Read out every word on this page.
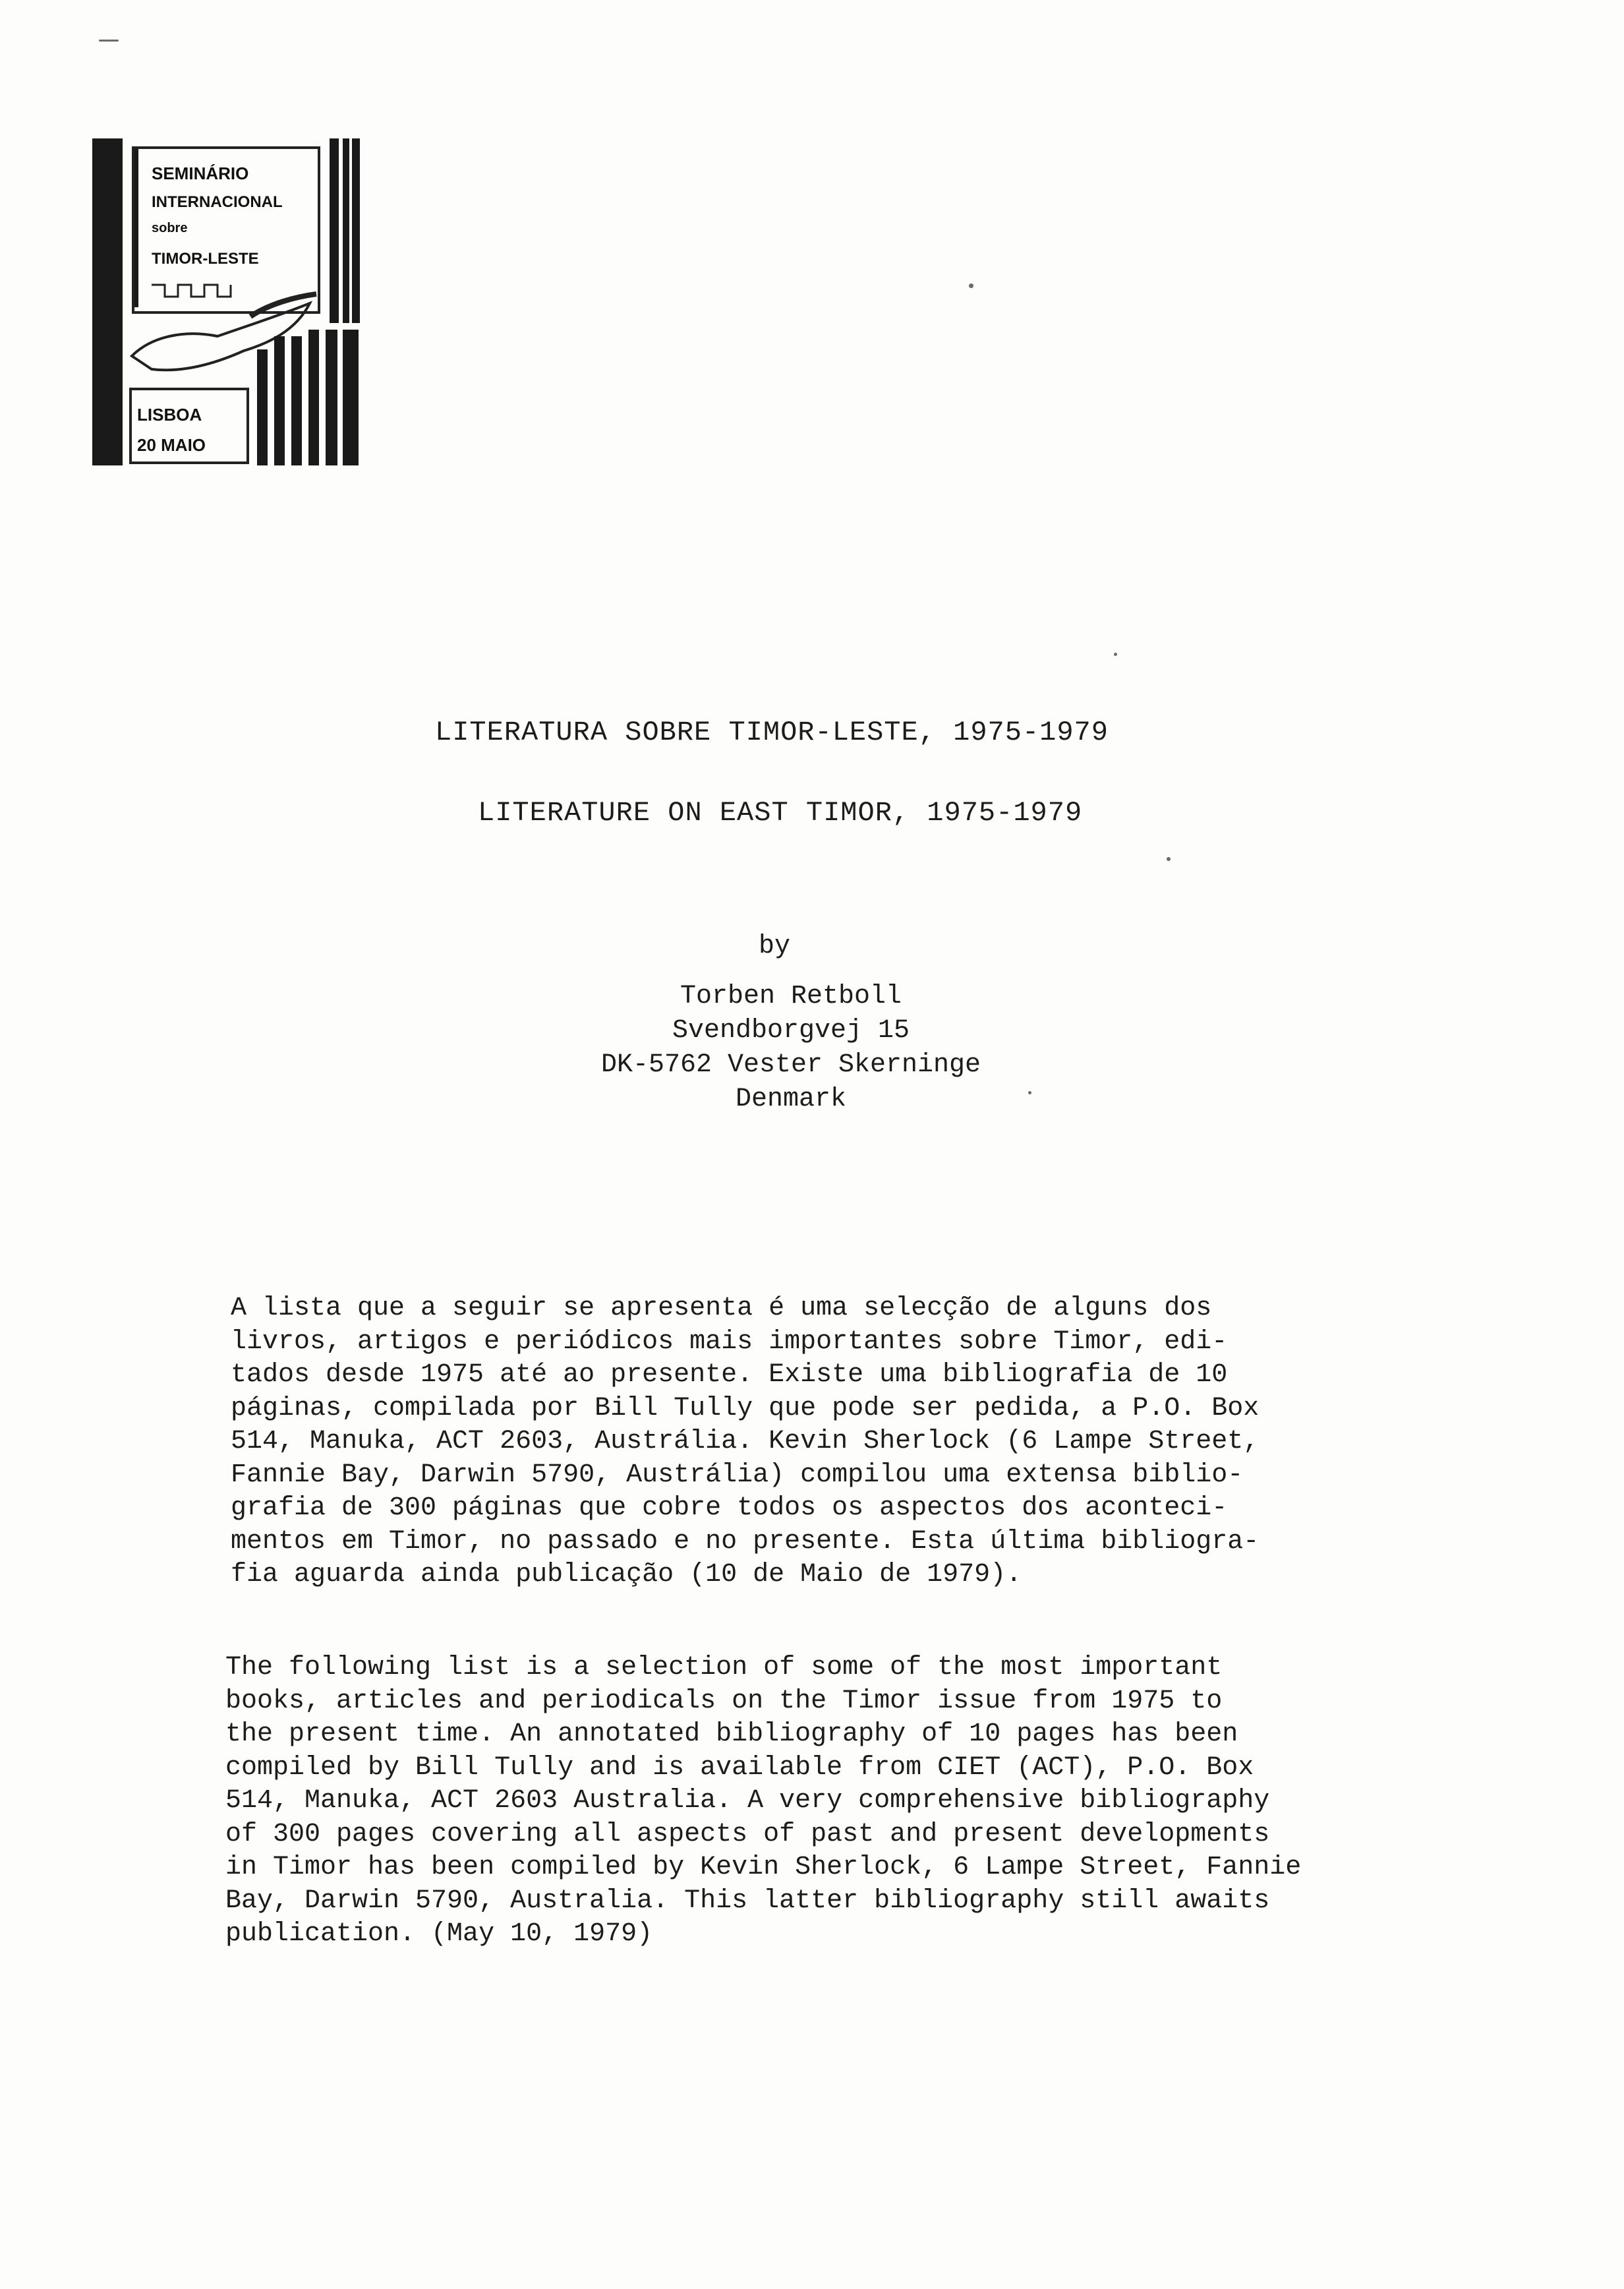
SEMINÁRIO
INTERNACIONAL
sobre
TIMOR-LESTE
LISBOA
20 MAIO
LITERATURA SOBRE TIMOR-LESTE, 1975-1979
LITERATURE ON EAST TIMOR, 1975-1979
by
Torben Retboll
Svendborgvej 15
DK-5762 Vester Skerninge
Denmark
A lista que a seguir se apresenta é uma selecção de alguns dos
livros, artigos e periódicos mais importantes sobre Timor, edi-
tados desde 1975 até ao presente. Existe uma bibliografia de 10
páginas, compilada por Bill Tully que pode ser pedida, a P.O. Box
514, Manuka, ACT 2603, Austrália. Kevin Sherlock (6 Lampe Street,
Fannie Bay, Darwin 5790, Austrália) compilou uma extensa biblio-
grafia de 300 páginas que cobre todos os aspectos dos aconteci-
mentos em Timor, no passado e no presente. Esta última bibliogra-
fia aguarda ainda publicação (10 de Maio de 1979).
The following list is a selection of some of the most important
books, articles and periodicals on the Timor issue from 1975 to
the present time. An annotated bibliography of 10 pages has been
compiled by Bill Tully and is available from CIET (ACT), P.O. Box
514, Manuka, ACT 2603 Australia. A very comprehensive bibliography
of 300 pages covering all aspects of past and present developments
in Timor has been compiled by Kevin Sherlock, 6 Lampe Street, Fannie
Bay, Darwin 5790, Australia. This latter bibliography still awaits
publication. (May 10, 1979)
